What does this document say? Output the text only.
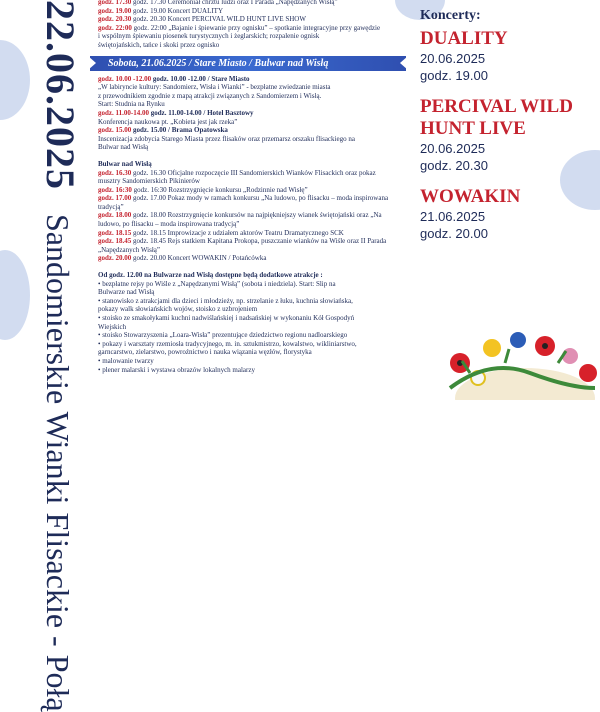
22.06.2025Sandomierskie Wianki Flisackie - Połą
godz. 17.30 godz. 17.30 Ceremoniał chrztu ludzi oraz I Parada „Napędzanych Wisłą”
godz. 19.00 godz. 19.00 Koncert DUALITY
godz. 20.30 godz. 20.30 Koncert PERCIVAL WILD HUNT LIVE SHOW
godz. 22:00 godz. 22:00 „Bajanie i śpiewanie przy ognisku” – spotkanie integracyjne przy gawędzie
i wspólnym śpiewaniu piosenek turystycznych i żeglarskich; rozpalenie ognisk
świętojańskich, tańce i skoki przez ognisko
Sobota, 21.06.2025 / Stare Miasto / Bulwar nad Wisłą
godz. 10.00 -12.00 godz. 10.00 -12.00 / Stare Miasto
„W labiryncie kultury: Sandomierz, Wisła i Wianki” - bezpłatne zwiedzanie miasta
z przewodnikiem zgodnie z mapą atrakcji związanych z Sandomierzem i Wisłą.
Start: Studnia na Rynku
godz. 11.00-14.00 godz. 11.00-14.00 / Hotel Basztowy
Konferencja naukowa pt. „Kobieta jest jak rzeka”
godz. 15.00 godz. 15.00 / Brama Opatowska
Inscenizacja zdobycia Starego Miasta przez flisaków oraz przemarsz orszaku flisackiego na
Bulwar nad Wisłą
Bulwar nad Wisłą
godz. 16.30 godz. 16.30 Oficjalne rozpoczęcie III Sandomierskich Wianków Flisackich oraz pokaz
musztry Sandomierskich Pikinierów
godz. 16:30 godz. 16:30 Rozstrzygnięcie konkursu „Rodzinnie nad Wisłę”
godz. 17.00 godz. 17.00 Pokaz mody w ramach konkursu „Na ludowo, po flisacku – moda inspirowana
tradycją”
godz. 18.00 godz. 18.00 Rozstrzygnięcie konkursów na najpiękniejszy wianek świętojański oraz „Na
ludowo, po flisacku – moda inspirowana tradycją”
godz. 18.15 godz. 18.15 Improwizacje z udziałem aktorów Teatru Dramatycznego SCK
godz. 18.45 godz. 18.45 Rejs statkiem Kapitana Prokopa, puszczanie wianków na Wiśle oraz II Parada
„Napędzanych Wisłą”
godz. 20.00 godz. 20.00 Koncert WOWAKIN / Potańcówka
Od godz. 12.00 na Bulwarze nad Wisłą dostępne będą dodatkowe atrakcje :
• bezpłatne rejsy po Wiśle z „Napędzanymi Wisłą” (sobota i niedziela). Start: Slip na
Bulwarze nad Wisłą
• stanowisko z atrakcjami dla dzieci i młodzieży, np. strzelanie z łuku, kuchnia słowiańska,
pokazy walk słowiańskich wojów, stoisko z uzbrojeniem
• stoisko ze smakołykami kuchni nadwiślańskiej i nadsańskiej w wykonaniu Kół Gospodyń
Wiejskich
• stoisko Stowarzyszenia „Loara-Wisła” prezentujące dziedzictwo regionu nadloarskiego
• pokazy i warsztaty rzemiosła tradycyjnego, m. in. sztukmistrzo, kowalstwo, wikliniarstwo,
garncarstwo, zielarstwo, powroźnictwo i nauka wiązania węzłów, florystyka
• malowanie twarzy
• plener malarski i wystawa obrazów lokalnych malarzy
Koncerty:
DUALITY
20.06.2025
godz. 19.00
PERCIVAL WILD HUNT LIVE
20.06.2025
godz. 20.30
WOWAKIN
21.06.2025
godz. 20.00
